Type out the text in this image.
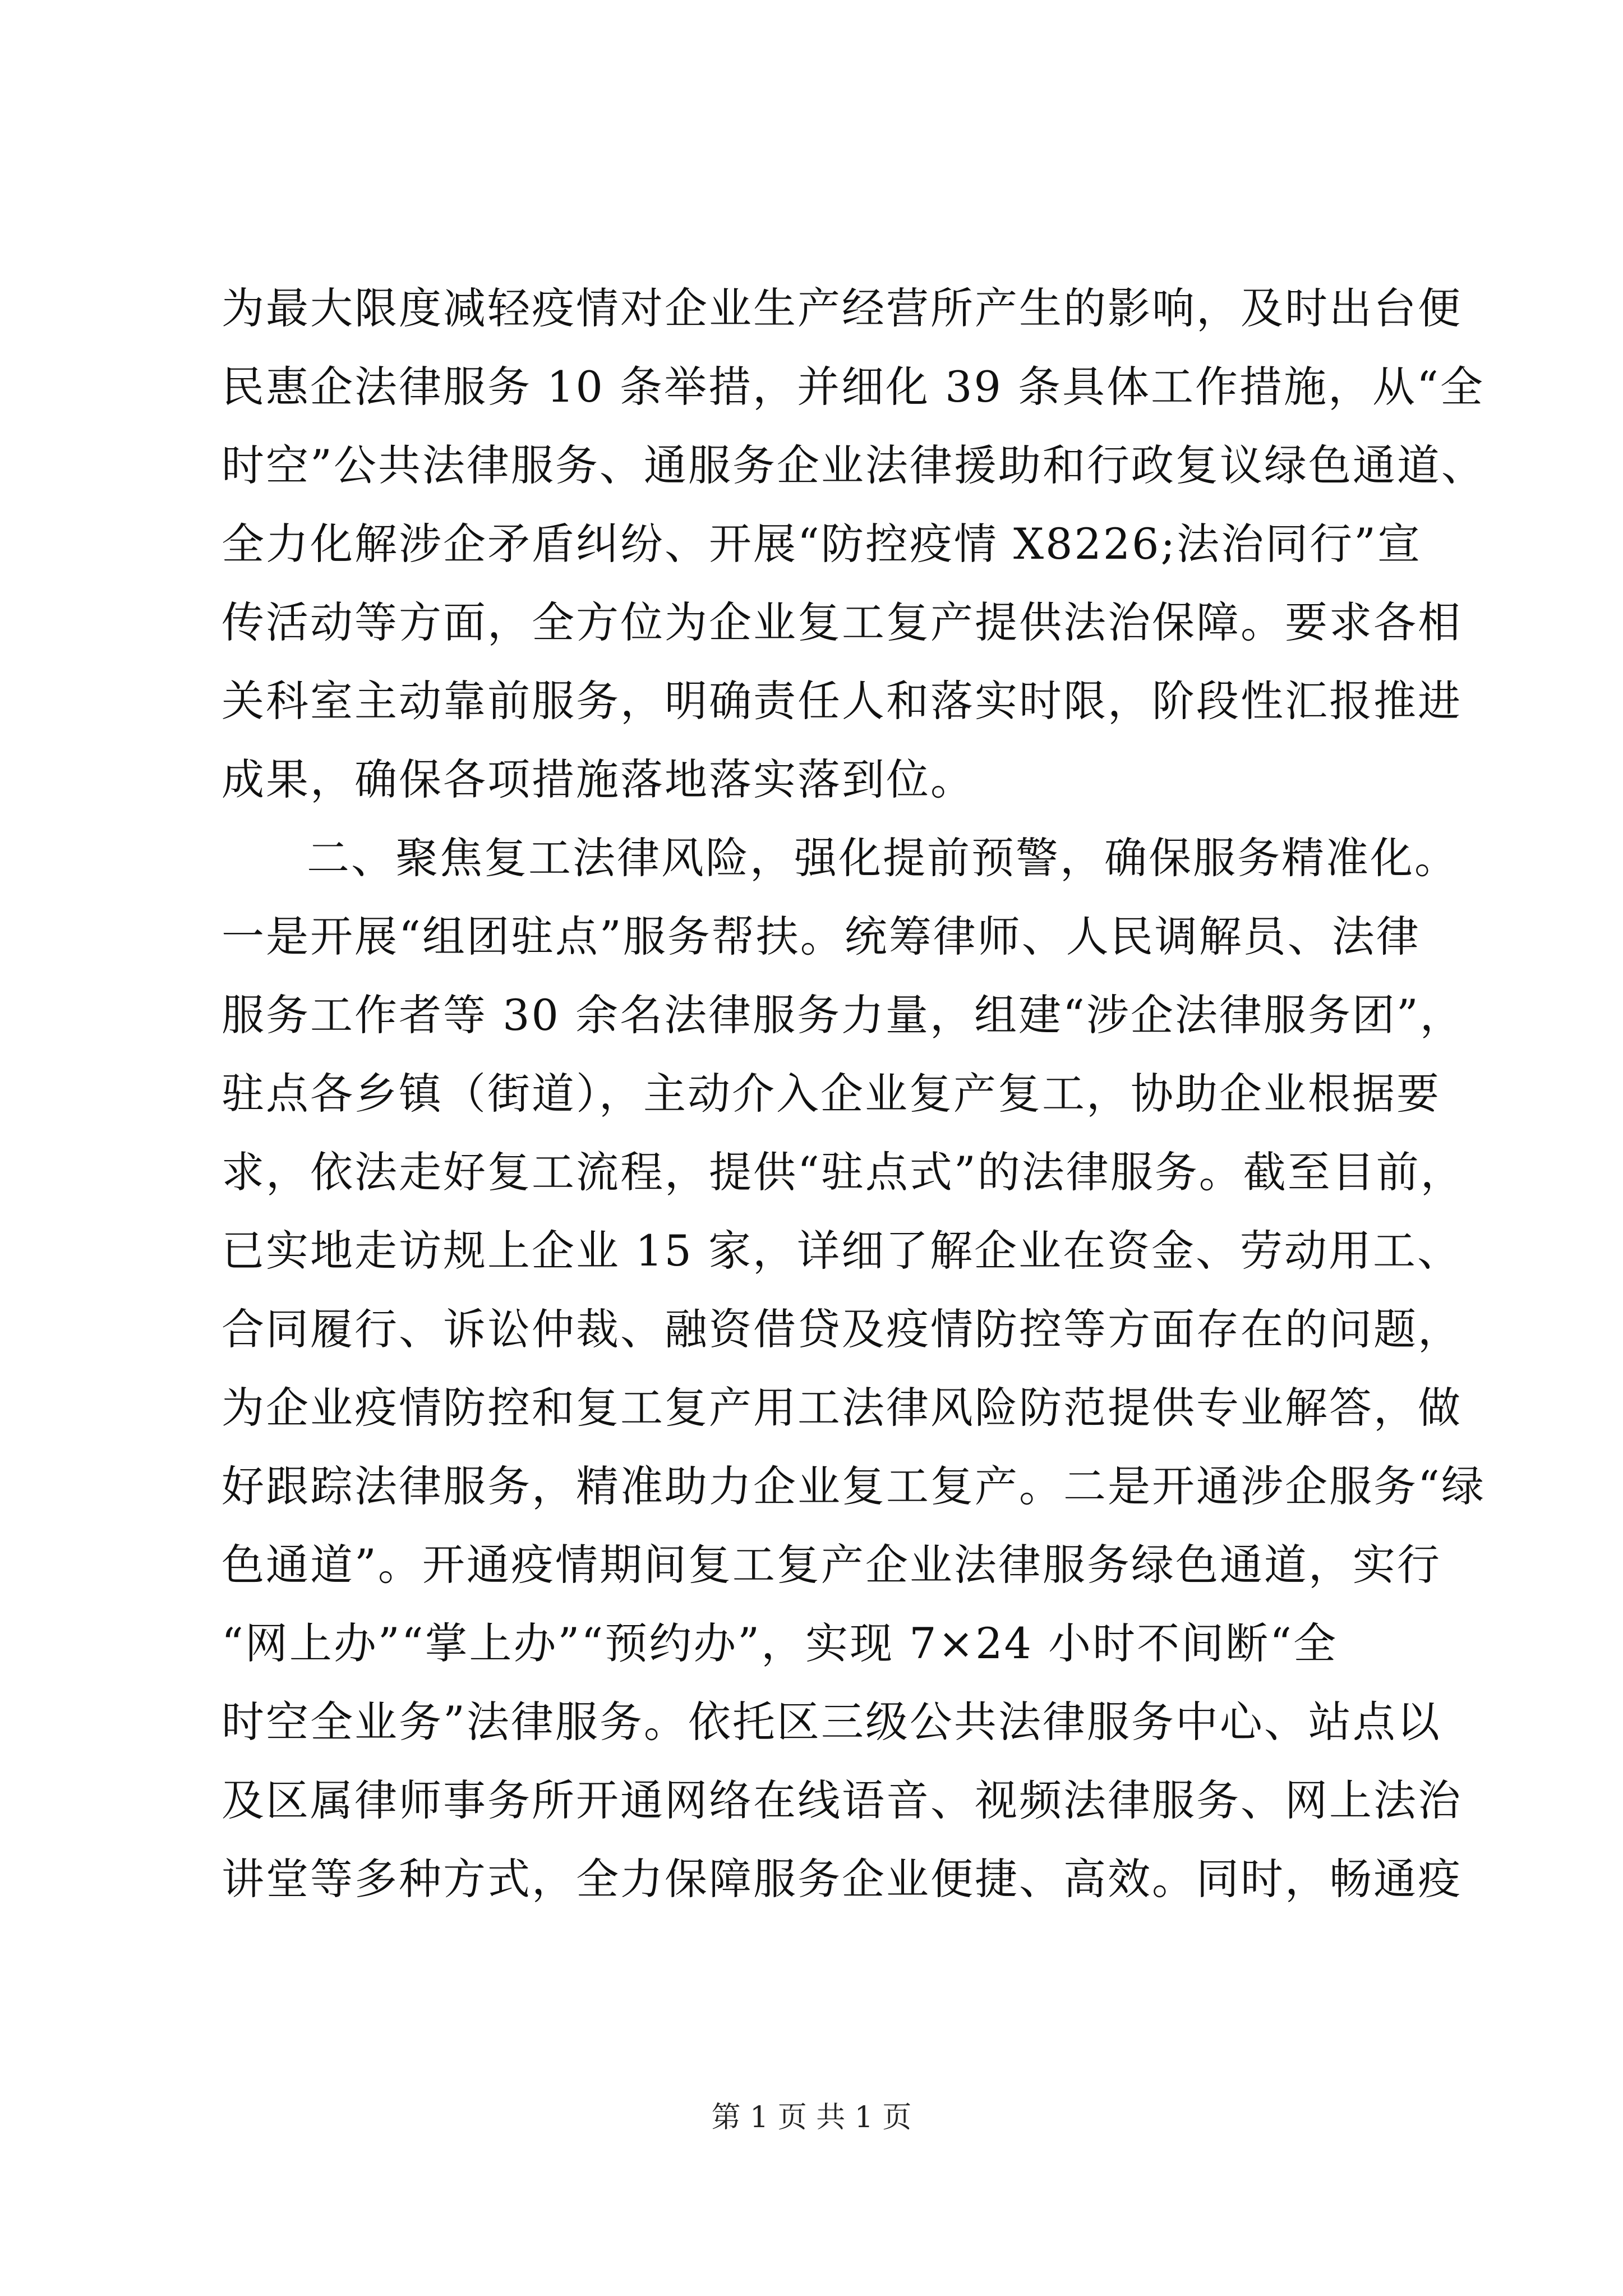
为最大限度减轻疫情对企业生产经营所产生的影响，及时出台便
民惠企法律服务 10 条举措，并细化 39 条具体工作措施，从“全
时空”公共法律服务、通服务企业法律援助和行政复议绿色通道、
全力化解涉企矛盾纠纷、开展“防控疫情 X8226;法治同行”宣
传活动等方面，全方位为企业复工复产提供法治保障。要求各相
关科室主动靠前服务，明确责任人和落实时限，阶段性汇报推进
成果，确保各项措施落地落实落到位。
二、聚焦复工法律风险，强化提前预警，确保服务精准化。
一是开展“组团驻点”服务帮扶。统筹律师、人民调解员、法律
服务工作者等 30 余名法律服务力量，组建“涉企法律服务团”，
驻点各乡镇（街道），主动介入企业复产复工，协助企业根据要
求，依法走好复工流程，提供“驻点式”的法律服务。截至目前，
已实地走访规上企业 15 家，详细了解企业在资金、劳动用工、
合同履行、诉讼仲裁、融资借贷及疫情防控等方面存在的问题，
为企业疫情防控和复工复产用工法律风险防范提供专业解答，做
好跟踪法律服务，精准助力企业复工复产。二是开通涉企服务“绿
色通道”。开通疫情期间复工复产企业法律服务绿色通道，实行
“网上办”“掌上办”“预约办”，实现 7×24 小时不间断“全
时空全业务”法律服务。依托区三级公共法律服务中心、站点以
及区属律师事务所开通网络在线语音、视频法律服务、网上法治
讲堂等多种方式，全力保障服务企业便捷、高效。同时，畅通疫
第 1 页 共 1 页
